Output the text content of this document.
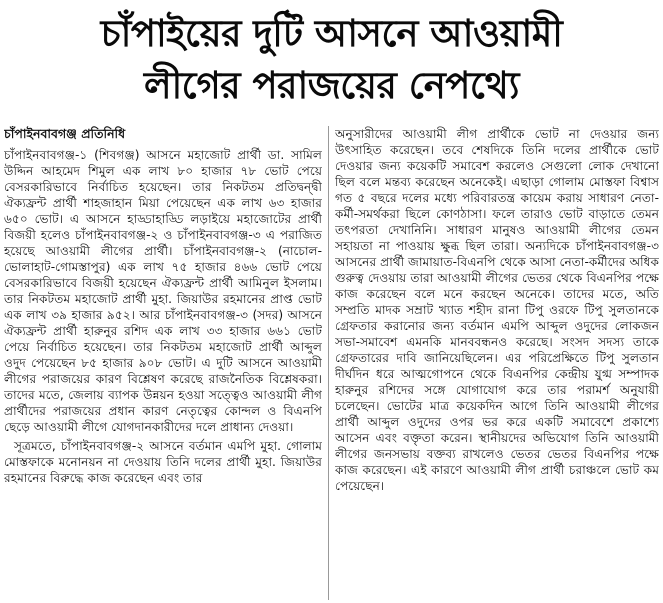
চাঁপাইয়ের দুটি আসনে আওয়ামী
লীগের পরাজয়ের নেপথ্যে
চাঁপাইনবাবগঞ্জ প্রতিনিধি

চাঁপাইনবাবগঞ্জ-১ (শিবগঞ্জ) আসনে মহাজোট প্রার্থী ডা. সামিল উদ্দিন আহমেদ শিমুল এক লাখ ৮০ হাজার ৭৮ ভোট পেয়ে বেসরকারিভাবে নির্বাচিত হয়েছেন। তার নিকটতম প্রতিদ্বন্দ্বী ঐক্যফ্রন্ট প্রার্থী শাহজাহান মিয়া পেয়েছেন এক লাখ ৬৩ হাজার ৬৫০ ভোট। এ আসনে হাড্ডাহাড্ডি লড়াইয়ে মহাজোটের প্রার্থী বিজয়ী হলেও চাঁপাইনবাবগঞ্জ-২ ও চাঁপাইনবাবগঞ্জ-৩ এ পরাজিত হয়েছে আওয়ামী লীগের প্রার্থী। চাঁপাইনবাবগঞ্জ-২ (নাচোল-ভোলাহাট-গোমস্তাপুর) এক লাখ ৭৫ হাজার ৪৬৬ ভোট পেয়ে বেসরকারিভাবে বিজয়ী হয়েছেন ঐক্যফ্রন্ট প্রার্থী আমিনুল ইসলাম। তার নিকটতম মহাজোট প্রার্থী মুহা. জিয়াউর রহমানের প্রাপ্ত ভোট এক লাখ ৩৯ হাজার ৯৫২। আর চাঁপাইনবাবগঞ্জ-৩ (সদর) আসনে ঐক্যফ্রন্ট প্রার্থী হারুনুর রশিদ এক লাখ ৩৩ হাজার ৬৬১ ভোট পেয়ে নির্বাচিত হয়েছেন। তার নিকটতম মহাজোট প্রার্থী আব্দুল ওদুদ পেয়েছেন ৮৫ হাজার ৯০৮ ভোট। এ দুটি আসনে আওয়ামী লীগের পরাজয়ের কারণ বিশ্লেষণ করেছে রাজনৈতিক বিশ্লেষকরা। তাদের মতে, জেলায় ব্যাপক উন্নয়ন হওয়া সত্ত্বেও আওয়ামী লীগ প্রার্থীদের পরাজয়ের প্রধান কারণ নেতৃত্বের কোন্দল ও বিএনপি ছেড়ে আওয়ামী লীগে যোগদানকারীদের দলে প্রাধান্য দেওয়া।

সূত্রমতে, চাঁপাইনবাবগঞ্জ-২ আসনে বর্তমান এমপি মুহা. গোলাম মোস্তফাকে মনোনয়ন না দেওয়ায় তিনি দলের প্রার্থী মুহা. জিয়াউর রহমানের বিরুদ্ধে কাজ করেছেন এবং তার

অনুসারীদের আওয়ামী লীগ প্রার্থীকে ভোট না দেওয়ার জন্য উৎসাহিত করেছেন। তবে শেষদিকে তিনি দলের প্রার্থীকে ভোট দেওয়ার জন্য কয়েকটি সমাবেশ করলেও সেগুলো লোক দেখানো ছিল বলে মন্তব্য করেছেন অনেকেই। এছাড়া গোলাম মোস্তফা বিশ্বাস গত ৫ বছরে দলের মধ্যে পরিবারতন্ত্র কায়েম করায় সাধারণ নেতা-কর্মী-সমর্থকরা ছিলে কোণঠাসা। ফলে তারাও ভোট বাড়াতে তেমন তৎপরতা দেখানিনি। সাধারণ মানুষও আওয়ামী লীগের তেমন সহায়তা না পাওয়ায় ক্ষুব্ধ ছিল তারা। অন্যদিকে চাঁপাইনবাবগঞ্জ-৩ আসনের প্রার্থী জামায়াত-বিএনপি থেকে আসা নেতা-কর্মীদের অধিক গুরুত্ব দেওয়ায় তারা আওয়ামী লীগের ভেতর থেকে বিএনপির পক্ষে কাজ করেছেন বলে মনে করছেন অনেকে। তাদের মতে, অতি সম্প্রতি মাদক সম্রাট খ্যাত শহীদ রানা টিপু ওরফে টিপু সুলতানকে গ্রেফতার করানোর জন্য বর্তমান এমপি আব্দুল ওদুদের লোকজন সভা-সমাবেশ এমনকি মানববন্ধনও করেছে। সংসদ সদস্য তাকে গ্রেফতারের দাবি জানিয়েছিলেন। এর পরিপ্রেক্ষিতে টিপু সুলতান দীর্ঘদিন ধরে আত্মগোপনে থেকে বিএনপির কেন্দ্রীয় যুগ্ম সম্পাদক হারুনুর রশিদের সঙ্গে যোগাযোগ করে তার পরামর্শ অনুযায়ী চলেছেন। ভোটের মাত্র কয়েকদিন আগে তিনি আওয়ামী লীগের প্রার্থী আব্দুল ওদুদের ওপর ভর করে একটি সমাবেশে প্রকাশ্যে আসেন এবং বক্তৃতা করেন। স্থানীয়দের অভিযোগ তিনি আওয়ামী লীগের জনসভায় বক্তব্য রাখলেও ভেতর ভেতর বিএনপির পক্ষে কাজ করেছেন। এই কারণে আওয়ামী লীগ প্রার্থী চরাঞ্চলে ভোট কম পেয়েছেন।
